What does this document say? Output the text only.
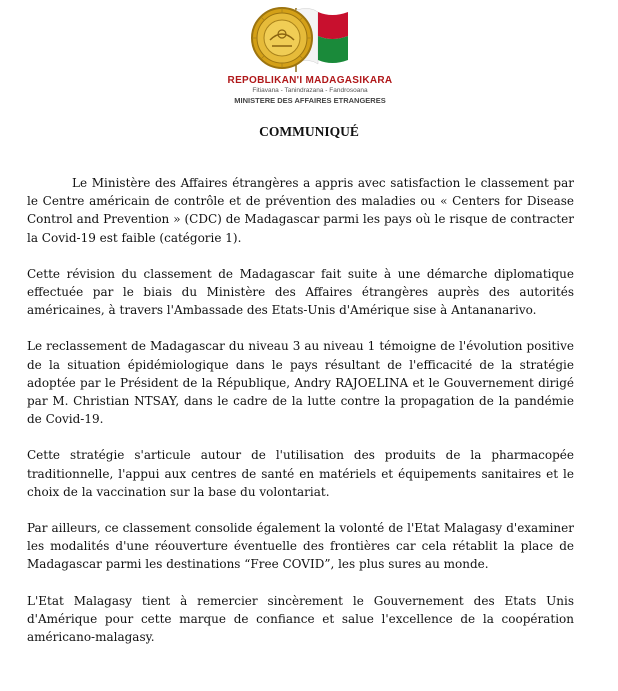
REPOBLIKAN'I MADAGASIKARA
Fitiavana - Tanindrazana - Fandrosoana
MINISTERE DES AFFAIRES ETRANGERES
COMMUNIQUÉ

Le Ministère des Affaires étrangères a appris avec satisfaction le classement par le Centre américain de contrôle et de prévention des maladies ou « Centers for Disease Control and Prevention » (CDC) de Madagascar parmi les pays où le risque de contracter la Covid-19 est faible (catégorie 1).

Cette révision du classement de Madagascar fait suite à une démarche diplomatique effectuée par le biais du Ministère des Affaires étrangères auprès des autorités américaines, à travers l'Ambassade des Etats-Unis d'Amérique sise à Antananarivo.

Le reclassement de Madagascar du niveau 3 au niveau 1 témoigne de l'évolution positive de la situation épidémiologique dans le pays résultant de l'efficacité de la stratégie adoptée par le Président de la République, Andry RAJOELINA et le Gouvernement dirigé par M. Christian NTSAY, dans le cadre de la lutte contre la propagation de la pandémie de Covid-19.

Cette stratégie s'articule autour de l'utilisation des produits de la pharmacopée traditionnelle, l'appui aux centres de santé en matériels et équipements sanitaires et le choix de la vaccination sur la base du volontariat.

Par ailleurs, ce classement consolide également la volonté de l'Etat Malagasy d'examiner les modalités d'une réouverture éventuelle des frontières car cela rétablit la place de Madagascar parmi les destinations “Free COVID”, les plus sures au monde.

L'Etat Malagasy tient à remercier sincèrement le Gouvernement des Etats Unis d'Amérique pour cette marque de confiance et salue l'excellence de la coopération américano-malagasy.
